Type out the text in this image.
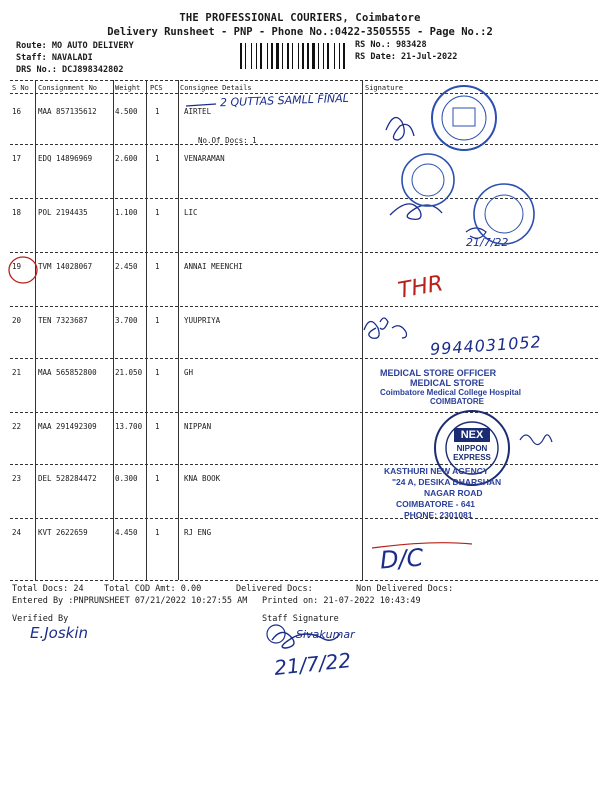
THE PROFESSIONAL COURIERS, Coimbatore
Delivery Runsheet - PNP - Phone No.:0422-3505555 - Page No.:2
Route: MO AUTO DELIVERY
Staff: NAVALADI
DRS No.: DCJ898342802
RS No.: 983428
RS Date: 21-Jul-2022
S No Consignment No	Weight PCS Consignee Details	Signature
16 MAA 857135612 4.500 1	AIRTEL
17 EDQ 14896969	2.600 1	VENARAMAN
18 POL 2194435	1.100 1	LIC
19 TVM 14028067	2.450 1	ANNAI MEENCHI
20 TEN 7323687	3.700 1	YUUPRIYA
21 MAA 565852800 21.050 1	GH
22 MAA 291492309 13.700 1	NIPPAN
23 DEL 528284472 0.300 1	KNA BOOK
24 KVT 2622659	4.450 1	RJ ENG
No.Of Docs: 1
2 QUTTAS SAMLL FINAL
THR
9944031052
D/C
21/7/22
E.Joskin	Sivakumar
21/7/22
MEDICAL STORE OFFICER
MEDICAL STORE
Coimbatore Medical College Hospital
COIMBATORE
NEX
NIPPON
EXPRESS
KASTHURI NEW AGENCY
"24 A, DESIKA DHARSHAN
NAGAR ROAD
COIMBATORE - 641
PHONE: 2301081
Total Docs: 24 Total COD Amt: 0.00	Delivered Docs:	Non Delivered Docs:
Entered By :PNPRUNSHEET 07/21/2022 10:27:55 AM Printed on: 21-07-2022 10:43:49
Verified By	Staff Signature
